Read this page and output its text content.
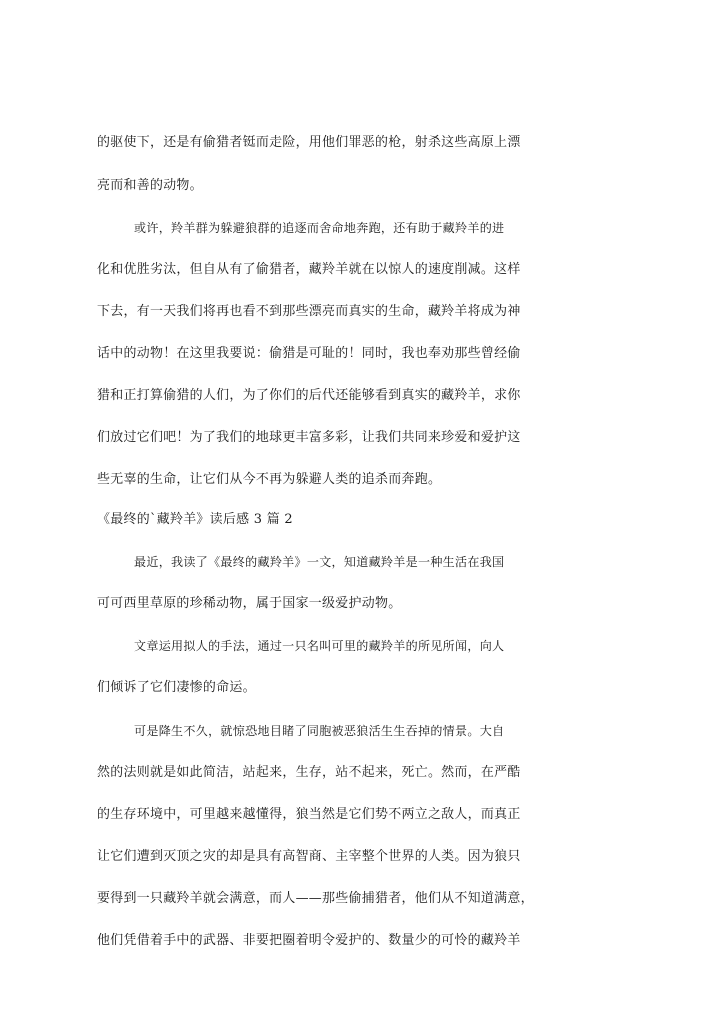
的驱使下，还是有偷猎者铤而走险，用他们罪恶的枪，射杀这些高原上漂

亮而和善的动物。

或许，羚羊群为躲避狼群的追逐而舍命地奔跑，还有助于藏羚羊的进

化和优胜劣汰，但自从有了偷猎者，藏羚羊就在以惊人的速度削减。这样

下去，有一天我们将再也看不到那些漂亮而真实的生命，藏羚羊将成为神

话中的动物！在这里我要说：偷猎是可耻的！同时，我也奉劝那些曾经偷

猎和正打算偷猎的人们，为了你们的后代还能够看到真实的藏羚羊，求你

们放过它们吧！为了我们的地球更丰富多彩，让我们共同来珍爱和爱护这

些无辜的生命，让它们从今不再为躲避人类的追杀而奔跑。

《最终的`藏羚羊》读后感 3 篇 2

最近，我读了《最终的藏羚羊》一文，知道藏羚羊是一种生活在我国

可可西里草原的珍稀动物，属于国家一级爱护动物。

文章运用拟人的手法，通过一只名叫可里的藏羚羊的所见所闻，向人

们倾诉了它们凄惨的命运。

可是降生不久，就惊恐地目睹了同胞被恶狼活生生吞掉的情景。大自

然的法则就是如此简洁，站起来，生存，站不起来，死亡。然而，在严酷

的生存环境中，可里越来越懂得，狼当然是它们势不两立之敌人，而真正

让它们遭到灭顶之灾的却是具有高智商、主宰整个世界的人类。因为狼只

要得到一只藏羚羊就会满意，而人——那些偷捕猎者，他们从不知道满意，

他们凭借着手中的武器、非要把圈着明令爱护的、数量少的可怜的藏羚羊
